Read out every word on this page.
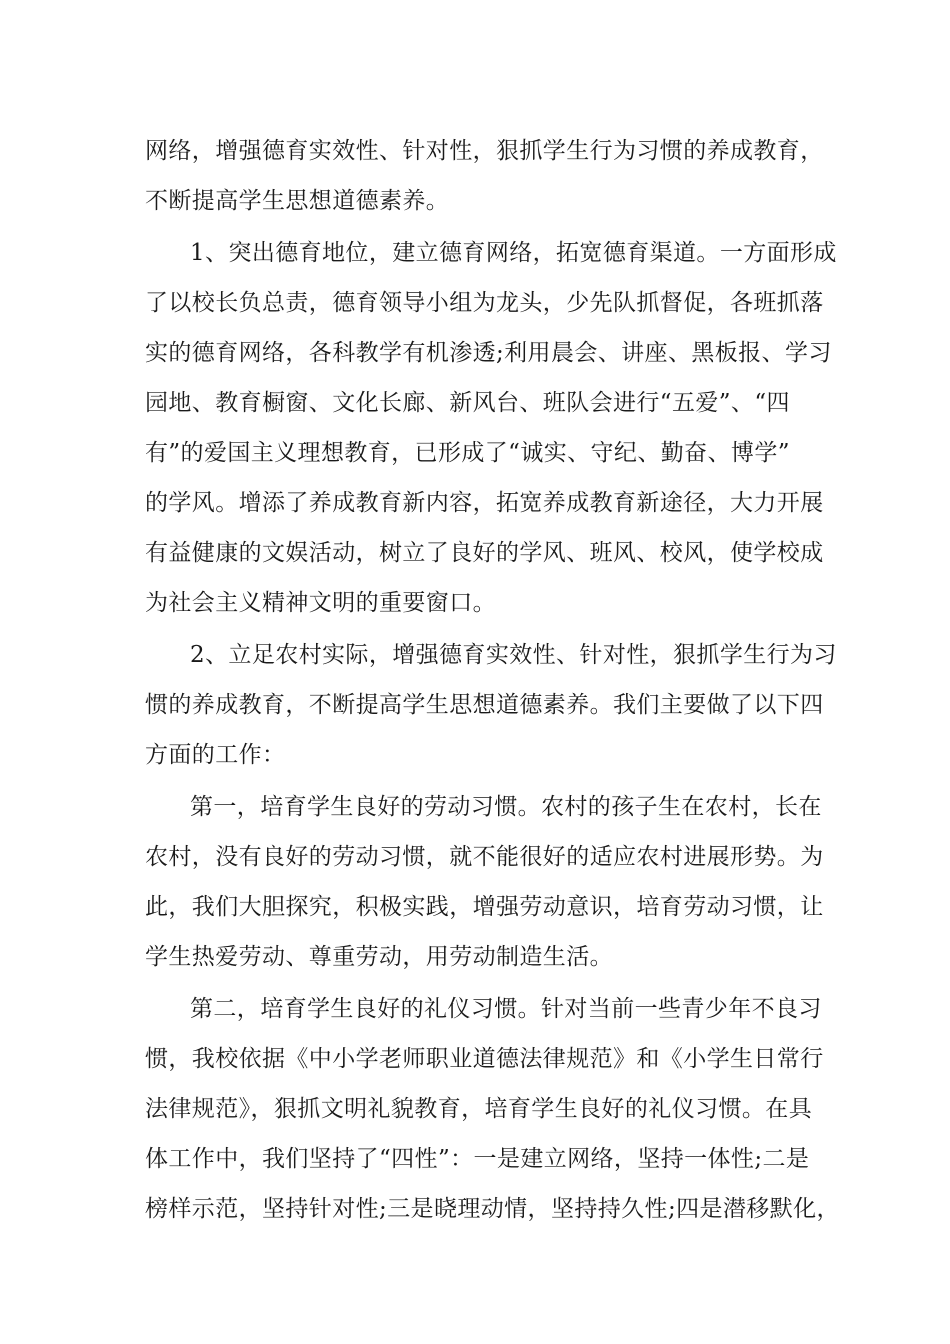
网络，增强德育实效性、针对性，狠抓学生行为习惯的养成教育，
不断提高学生思想道德素养。
1、突出德育地位，建立德育网络，拓宽德育渠道。一方面形成
了以校长负总责，德育领导小组为龙头，少先队抓督促，各班抓落
实的德育网络，各科教学有机渗透;利用晨会、讲座、黑板报、学习
园地、教育橱窗、文化长廊、新风台、班队会进行“五爱”、“四
有”的爱国主义理想教育，已形成了“诚实、守纪、勤奋、博学”
的学风。增添了养成教育新内容，拓宽养成教育新途径，大力开展
有益健康的文娱活动，树立了良好的学风、班风、校风，使学校成
为社会主义精神文明的重要窗口。
2、立足农村实际，增强德育实效性、针对性，狠抓学生行为习
惯的养成教育，不断提高学生思想道德素养。我们主要做了以下四
方面的工作：
第一，培育学生良好的劳动习惯。农村的孩子生在农村，长在
农村，没有良好的劳动习惯，就不能很好的适应农村进展形势。为
此，我们大胆探究，积极实践，增强劳动意识，培育劳动习惯，让
学生热爱劳动、尊重劳动，用劳动制造生活。
第二，培育学生良好的礼仪习惯。针对当前一些青少年不良习
惯，我校依据《中小学老师职业道德法律规范》和《小学生日常行
法律规范》，狠抓文明礼貌教育，培育学生良好的礼仪习惯。在具
体工作中，我们坚持了“四性”：一是建立网络，坚持一体性;二是
榜样示范，坚持针对性;三是晓理动情，坚持持久性;四是潜移默化，
